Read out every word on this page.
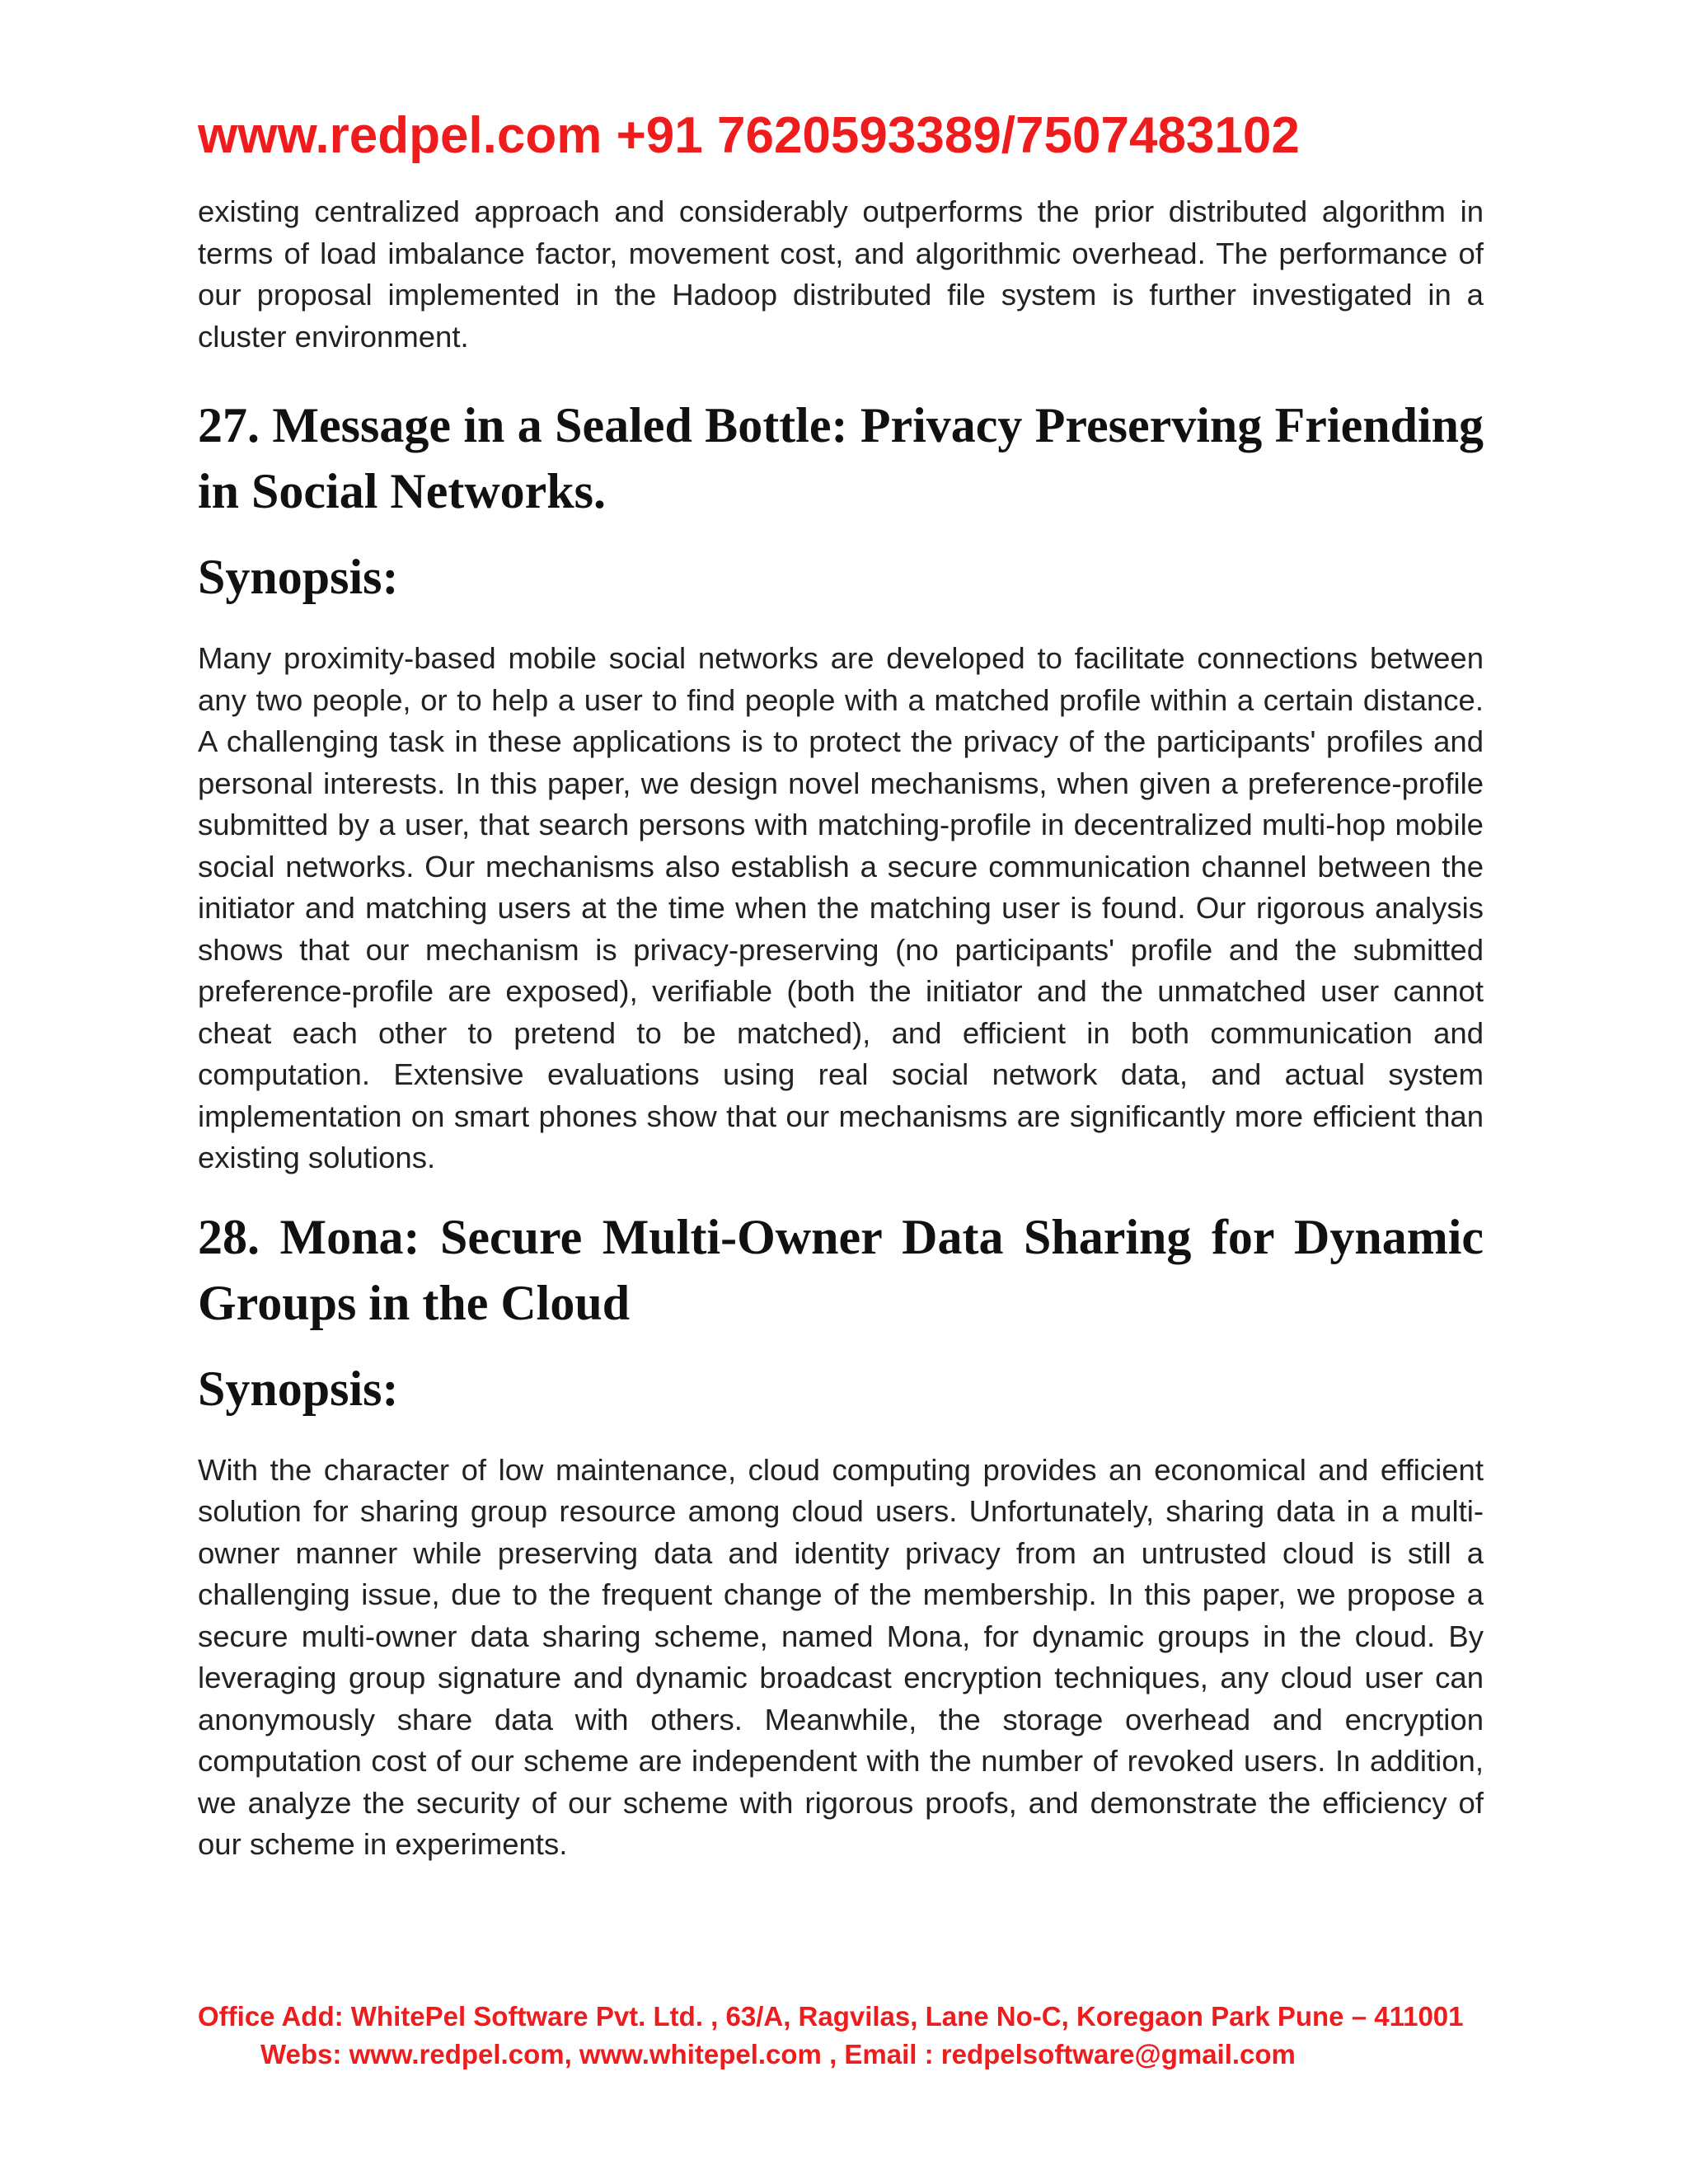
www.redpel.com +91 7620593389/7507483102

existing centralized approach and considerably outperforms the prior distributed algorithm in terms of load imbalance factor, movement cost, and algorithmic overhead. The performance of our proposal implemented in the Hadoop distributed file system is further investigated in a cluster environment.

27. Message in a Sealed Bottle: Privacy Preserving Friending in Social Networks.
Synopsis:

Many proximity-based mobile social networks are developed to facilitate connections between any two people, or to help a user to find people with a matched profile within a certain distance. A challenging task in these applications is to protect the privacy of the participants' profiles and personal interests. In this paper, we design novel mechanisms, when given a preference-profile submitted by a user, that search persons with matching-profile in decentralized multi-hop mobile social networks. Our mechanisms also establish a secure communication channel between the initiator and matching users at the time when the matching user is found. Our rigorous analysis shows that our mechanism is privacy-preserving (no participants' profile and the submitted preference-profile are exposed), verifiable (both the initiator and the unmatched user cannot cheat each other to pretend to be matched), and efficient in both communication and computation. Extensive evaluations using real social network data, and actual system implementation on smart phones show that our mechanisms are significantly more efficient than existing solutions.

28. Mona: Secure Multi-Owner Data Sharing for Dynamic Groups in the Cloud
Synopsis:

With the character of low maintenance, cloud computing provides an economical and efficient solution for sharing group resource among cloud users. Unfortunately, sharing data in a multi-owner manner while preserving data and identity privacy from an untrusted cloud is still a challenging issue, due to the frequent change of the membership. In this paper, we propose a secure multi-owner data sharing scheme, named Mona, for dynamic groups in the cloud. By leveraging group signature and dynamic broadcast encryption techniques, any cloud user can anonymously share data with others. Meanwhile, the storage overhead and encryption computation cost of our scheme are independent with the number of revoked users. In addition, we analyze the security of our scheme with rigorous proofs, and demonstrate the efficiency of our scheme in experiments.

Office Add: WhitePel Software Pvt. Ltd. , 63/A, Ragvilas, Lane No-C, Koregaon Park Pune – 411001
Webs: www.redpel.com, www.whitepel.com , Email : redpelsoftware@gmail.com
